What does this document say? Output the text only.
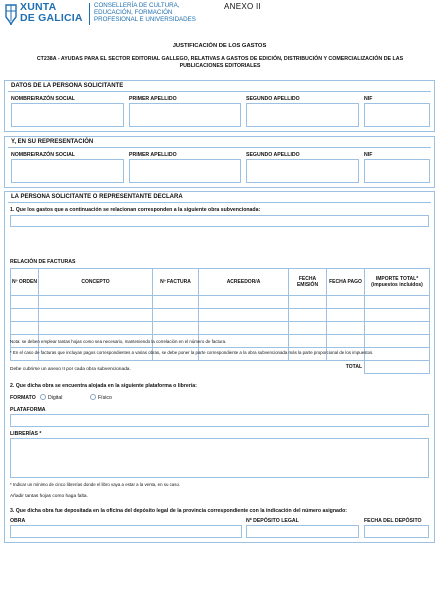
XUNTA
DE GALICIA
CONSELLERÍA DE CULTURA,
EDUCACIÓN, FORMACIÓN
PROFESIONAL E UNIVERSIDADES
ANEXO II
JUSTIFICACIÓN DE LOS GASTOS
CT238A - AYUDAS PARA EL SECTOR EDITORIAL GALLEGO, RELATIVAS A GASTOS DE EDICIÓN, DISTRIBUCIÓN Y COMERCIALIZACIÓN DE LAS PUBLICACIONES EDITORIALES
DATOS DE LA PERSONA SOLICITANTE
NOMBRE/RAZÓN SOCIAL	PRIMER APELLIDO	SEGUNDO APELLIDO	NIF
Y, EN SU REPRESENTACIÓN
NOMBRE/RAZÓN SOCIAL	PRIMER APELLIDO	SEGUNDO APELLIDO	NIF
LA PERSONA SOLICITANTE O REPRESENTANTE DECLARA
1. Que los gastos que a continuación se relacionan corresponden a la siguiente obra subvencionada:
RELACIÓN DE FACTURAS
Nº ORDEN	CONCEPTO	Nº FACTURA	ACREEDOR/A	FECHA EMISIÓN	FECHA PAGO	IMPORTE TOTAL* (impuestos incluidos)

TOTAL						
Nota: se deben emplear tantas hojas como sea necesario, manteniendo la correlación en el número de factura.
* En el caso de facturas que incluyan pagos correspondientes a varias obras, se debe poner la parte correspondiente a la obra subvencionada más la parte proporcional de los impuestos.
Debe cubrirse un anexo II por cada obra subvencionada.
2. Que dicha obra se encuentra alojada en la siguiente plataforma o librería:
FORMATO Digital	Físico
PLATAFORMA
LIBRERÍAS *
* Indicar un mínimo de cinco librerías donde el libro vaya a estar a la venta, en su caso.
Añadir tantas hojas como haga falta.
3. Que dicha obra fue depositada en la oficina del depósito legal de la provincia correspondiente con la indicación del número asignado:
OBRA	Nº DEPÓSITO LEGAL	FECHA DEL DEPÓSITO
